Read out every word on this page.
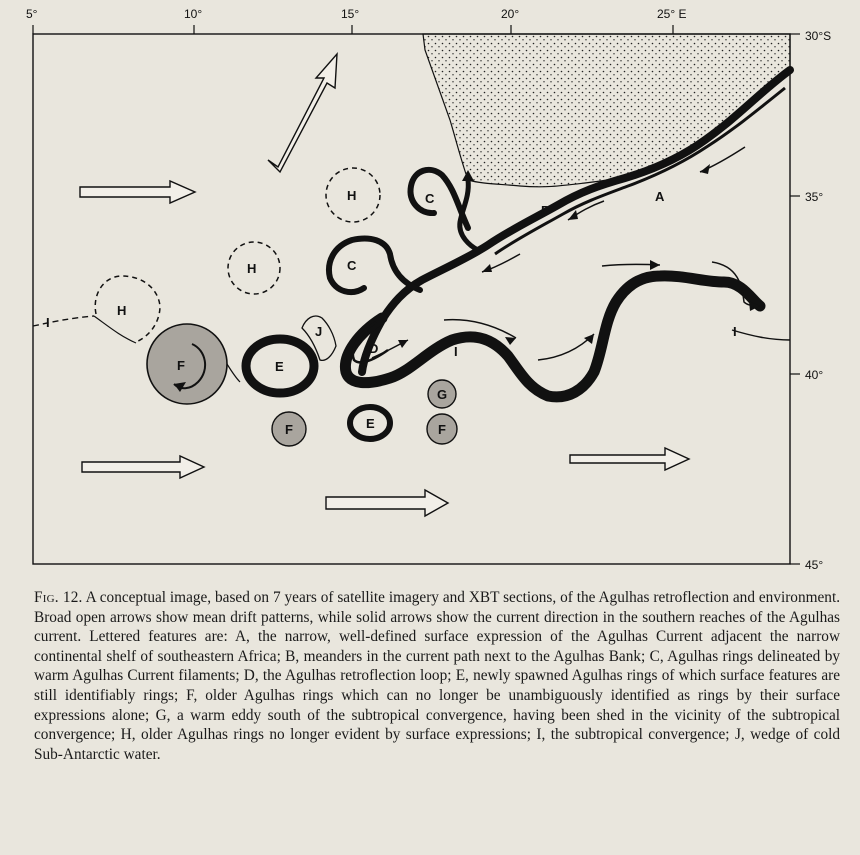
5°	10°	15°	20°	25° E
30°S
35°
40°
45°
A
B
C
C
D
E
E
F
F	F
G
H
H
H
I
I
I
J

Fig. 12. A conceptual image, based on 7 years of satellite imagery and XBT sections, of the Agulhas retroflection and environment. Broad open arrows show mean drift patterns, while solid arrows show the current direction in the southern reaches of the Agulhas current. Lettered features are: A, the narrow, well-defined surface expression of the Agulhas Current adjacent the narrow continental shelf of southeastern Africa; B, meanders in the current path next to the Agulhas Bank; C, Agulhas rings delineated by warm Agulhas Current filaments; D, the Agulhas retroflection loop; E, newly spawned Agulhas rings of which surface features are still identifiably rings; F, older Agulhas rings which can no longer be unambiguously identified as rings by their surface expressions alone; G, a warm eddy south of the subtropical convergence, having been shed in the vicinity of the subtropical convergence; H, older Agulhas rings no longer evident by surface expressions; I, the subtropical convergence; J, wedge of cold Sub-Antarctic water.
